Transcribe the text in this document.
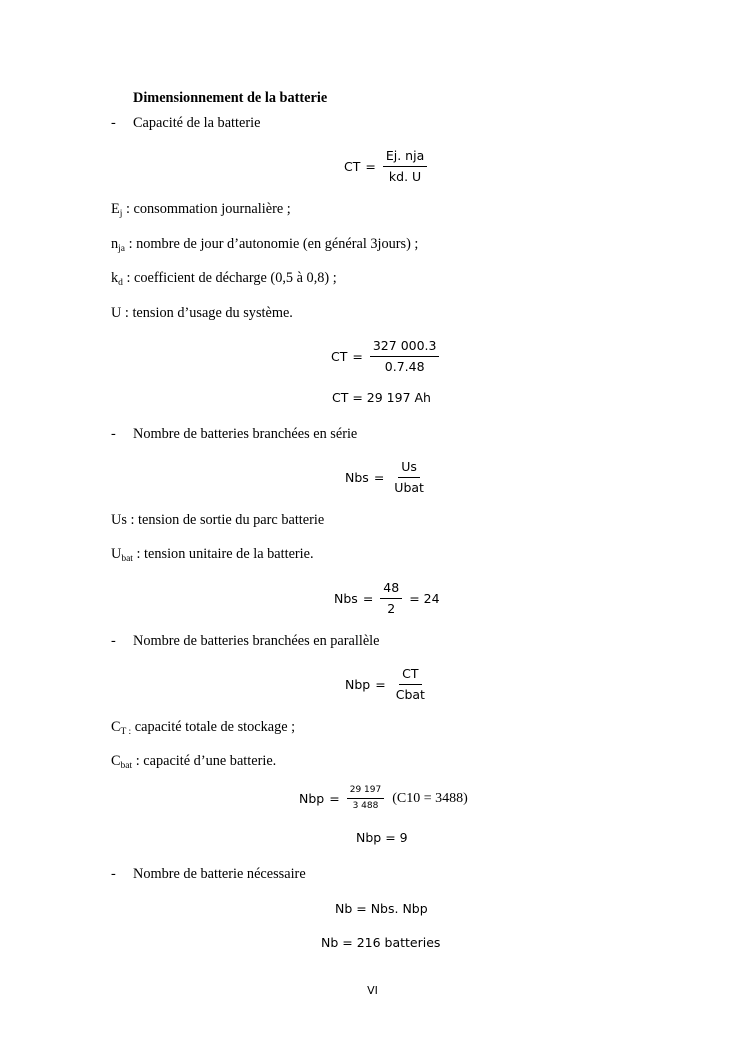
Dimensionnement de la batterie
- Capacité de la batterie
CT = $\frac{\text{Ej. nja}}{kd. U}$
$E_j$ : consommation journalière ;
$n_{ja}$ : nombre de jour d’autonomie (en général 3jours) ;
$k_d$ : coefficient de décharge (0,5 à 0,8) ;
U : tension d’usage du système.
CT = $\frac{327 000.3}{0.7.48}$
CT = 29 197 Ah
- Nombre de batteries branchées en série
Nbs = $\frac{Us}{\text{Ubat}}$
Us : tension de sortie du parc batterie
$U_{bat}$ : tension unitaire de la batterie.
Nbs = $\frac{48}{2} = 24$
- Nombre de batteries branchées en parallèle
Nbp = $\frac{CT}{\text{Cbat}}$
$C_{T :}$ capacité totale de stockage ;
$C_{bat}$ : capacité d’une batterie.
Nbp = $\frac{29 197}{3 488} (C10 = 3488)$
Nbp = 9
- Nombre de batterie nécessaire
Nb = Nbs. Nbp
Nb = 216 batteries
VI
